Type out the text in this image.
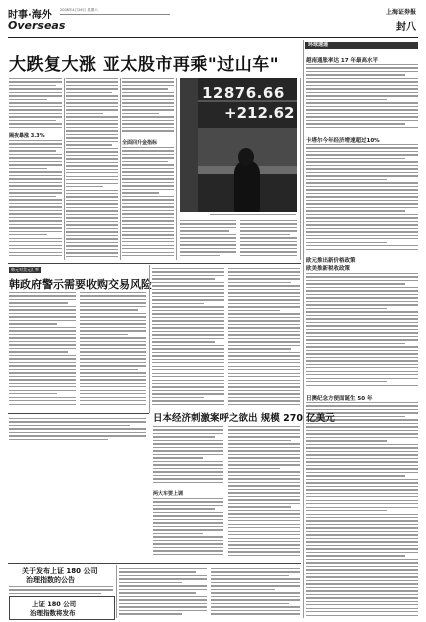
时事·海外
Overseas
2008年4月26日 星期六	上海证券报
封八
大跌复大涨 亚太股市再乘"过山车"
隔夜暴涨 3.3%
全面回升金指标
12876.66
+212.62
环球速递
越南通胀率达 17 年最高水平
卡塔尔今年经济增速超过10%
欧元推出新价格政策
欧美推新税收政策
日澳纪念方便面诞生 50 年
韩元对美元汇率
韩政府警示需要收购交易风险
日本经济刺激案呼之欲出 规模 270 亿美元
两大车要上调
关于发布上证 180 公司
治理指数的公告
上证 180 公司
治理指数将发布
